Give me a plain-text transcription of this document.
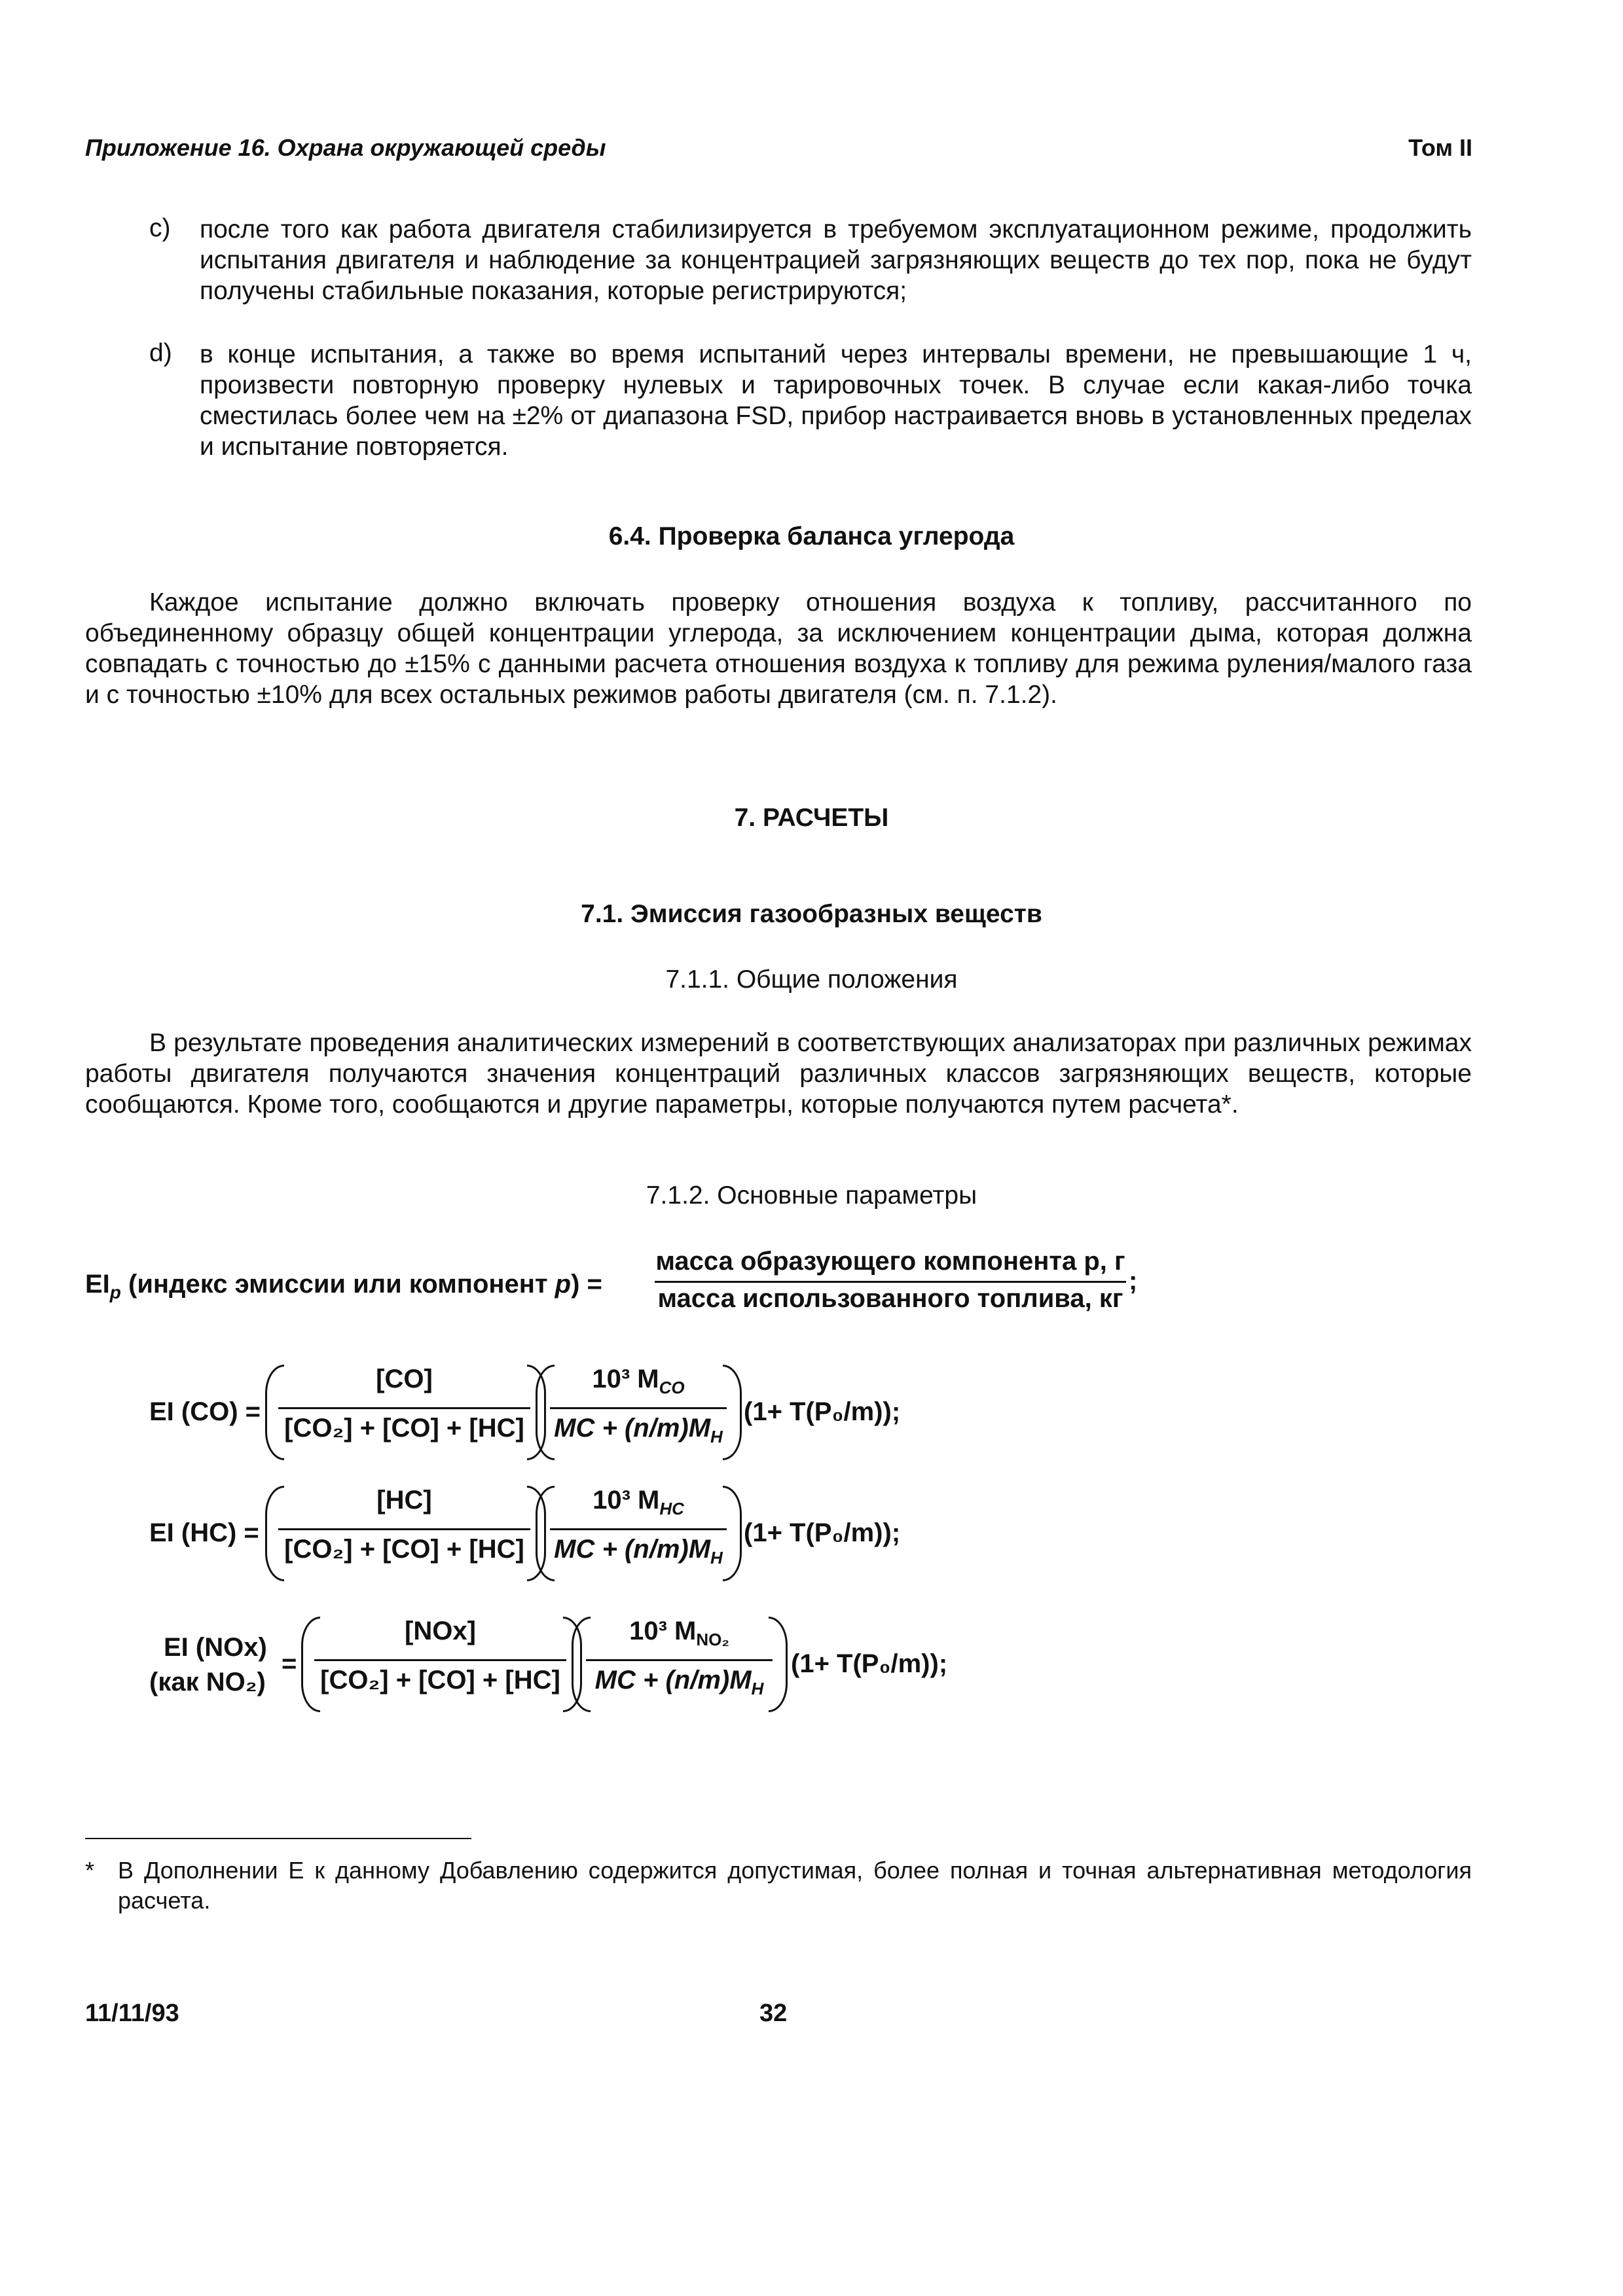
Приложение 16. Охрана окружающей среды	Том II
c) после того как работа двигателя стабилизируется в требуемом эксплуатационном режиме, продолжить испытания двигателя и наблюдение за концентрацией загрязняющих веществ до тех пор, пока не будут получены стабильные показания, которые регистрируются;
d) в конце испытания, а также во время испытаний через интервалы времени, не превышающие 1 ч, произвести повторную проверку нулевых и тарировочных точек. В случае если какая-либо точка сместилась более чем на ±2% от диапазона FSD, прибор настраивается вновь в установленных пределах и испытание повторяется.
6.4. Проверка баланса углерода
Каждое испытание должно включать проверку отношения воздуха к топливу, рассчитанного по объединенному образцу общей концентрации углерода, за исключением концентрации дыма, которая должна совпадать с точностью до ±15% с данными расчета отношения воздуха к топливу для режима руления/малого газа и с точностью ±10% для всех остальных режимов работы двигателя (см. п. 7.1.2).
7. РАСЧЕТЫ
7.1. Эмиссия газообразных веществ
7.1.1. Общие положения
В результате проведения аналитических измерений в соответствующих анализаторах при различных режимах работы двигателя получаются значения концентраций различных классов загрязняющих веществ, которые сообщаются. Кроме того, сообщаются и другие параметры, которые получаются путем расчета*.
7.1.2. Основные параметры
$EI_p$ (индекс эмиссии или компонент p) =
масса образующего компонента p, г
масса использованного топлива, кг
;
EI (CO) =
[CO]
[CO₂] + [CO] + [HC]
10³ $M_{CO}$
MC + $(n/m)M_H$
(1+ T(P₀/m));
EI (HC) =
[HC]
[CO₂] + [CO] + [HC]
10³ $M_{HC}$
MC + $(n/m)M_H$
(1+ T(P₀/m));
EI (NOx)
(как NO₂)
=
[NOx]
[CO₂] + [CO] + [HC]
10³ $M_{NO_2}$
MC + $(n/m)M_H$
(1+ T(P₀/m));
* В Дополнении E к данному Добавлению содержится допустимая, более полная и точная альтернативная методология расчета.
11/11/93	32
